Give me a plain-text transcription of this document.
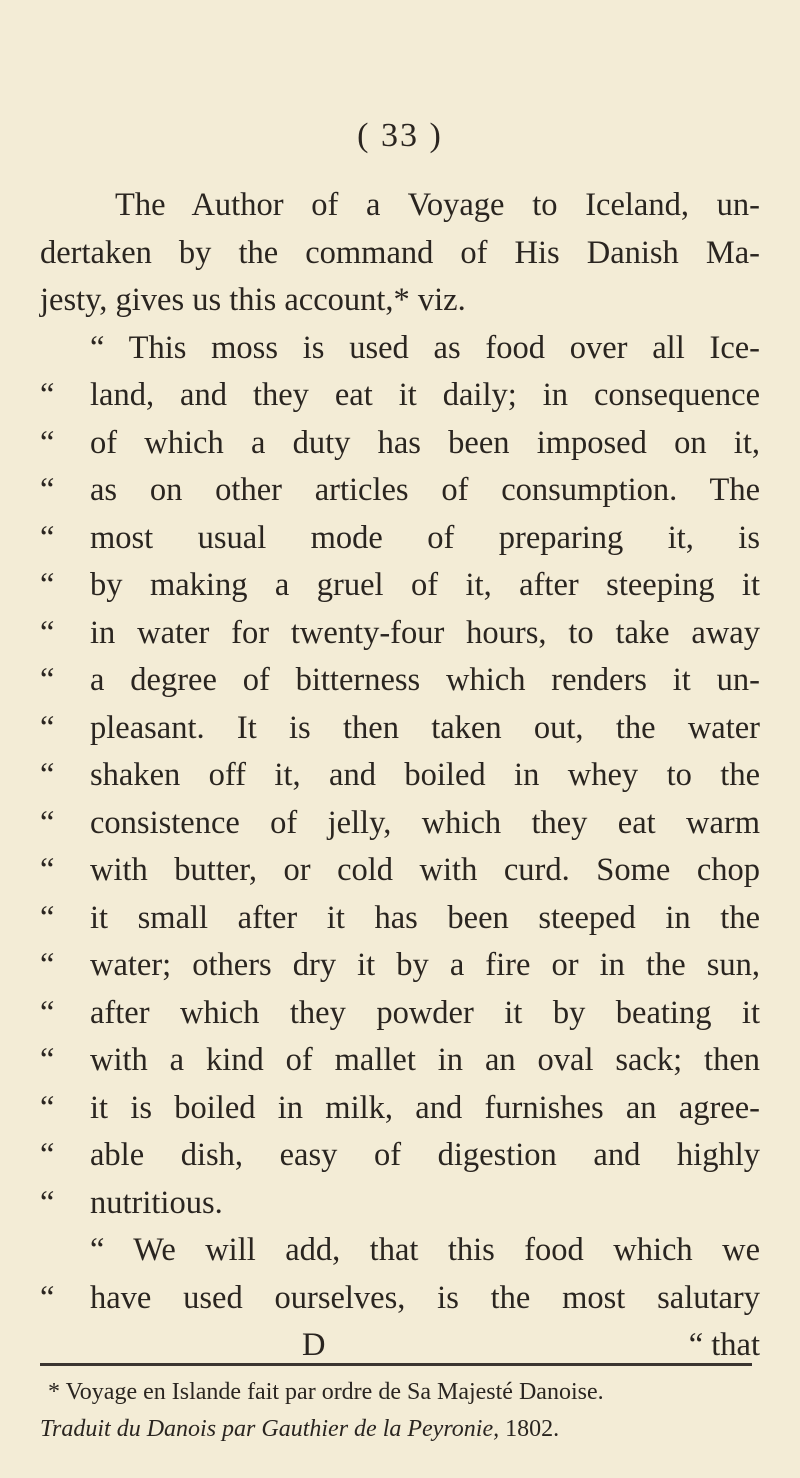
( 33 )
The Author of a Voyage to Iceland, un-
dertaken by the command of His Danish Ma-
jesty, gives us this account,* viz.
“ This moss is used as food over all Ice-
“ land, and they eat it daily; in consequence
“ of which a duty has been imposed on it,
“ as on other articles of consumption. The
“ most usual mode of preparing it, is
“ by making a gruel of it, after steeping it
“ in water for twenty-four hours, to take away
“ a degree of bitterness which renders it un-
“ pleasant. It is then taken out, the water
“ shaken off it, and boiled in whey to the
“ consistence of jelly, which they eat warm
“ with butter, or cold with curd. Some chop
“ it small after it has been steeped in the
“ water; others dry it by a fire or in the sun,
“ after which they powder it by beating it
“ with a kind of mallet in an oval sack; then
“ it is boiled in milk, and furnishes an agree-
“ able dish, easy of digestion and highly
“ nutritious.
“ We will add, that this food which we
“ have used ourselves, is the most salutary
D	“ that
* Voyage en Islande fait par ordre de Sa Majesté Danoise.
Traduit du Danois par Gauthier de la Peyronie, 1802.
